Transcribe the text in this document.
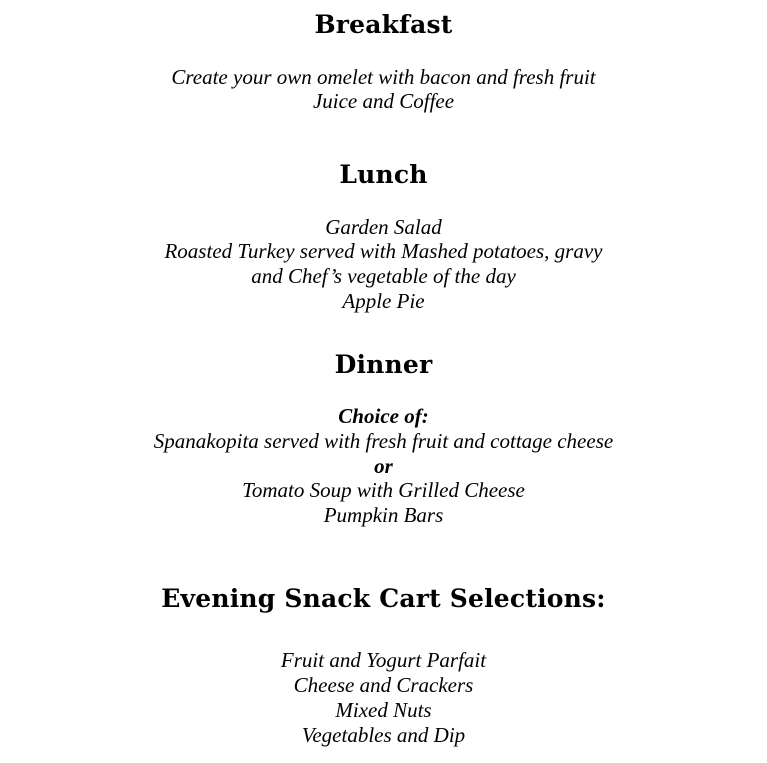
Breakfast

Create your own omelet with bacon and fresh fruit
Juice and Coffee

Lunch

Garden Salad
Roasted Turkey served with Mashed potatoes, gravy
and Chef’s vegetable of the day
Apple Pie

Dinner

Choice of:
Spanakopita served with fresh fruit and cottage cheese
or
Tomato Soup with Grilled Cheese
Pumpkin Bars

Evening Snack Cart Selections:

Fruit and Yogurt Parfait
Cheese and Crackers
Mixed Nuts
Vegetables and Dip
